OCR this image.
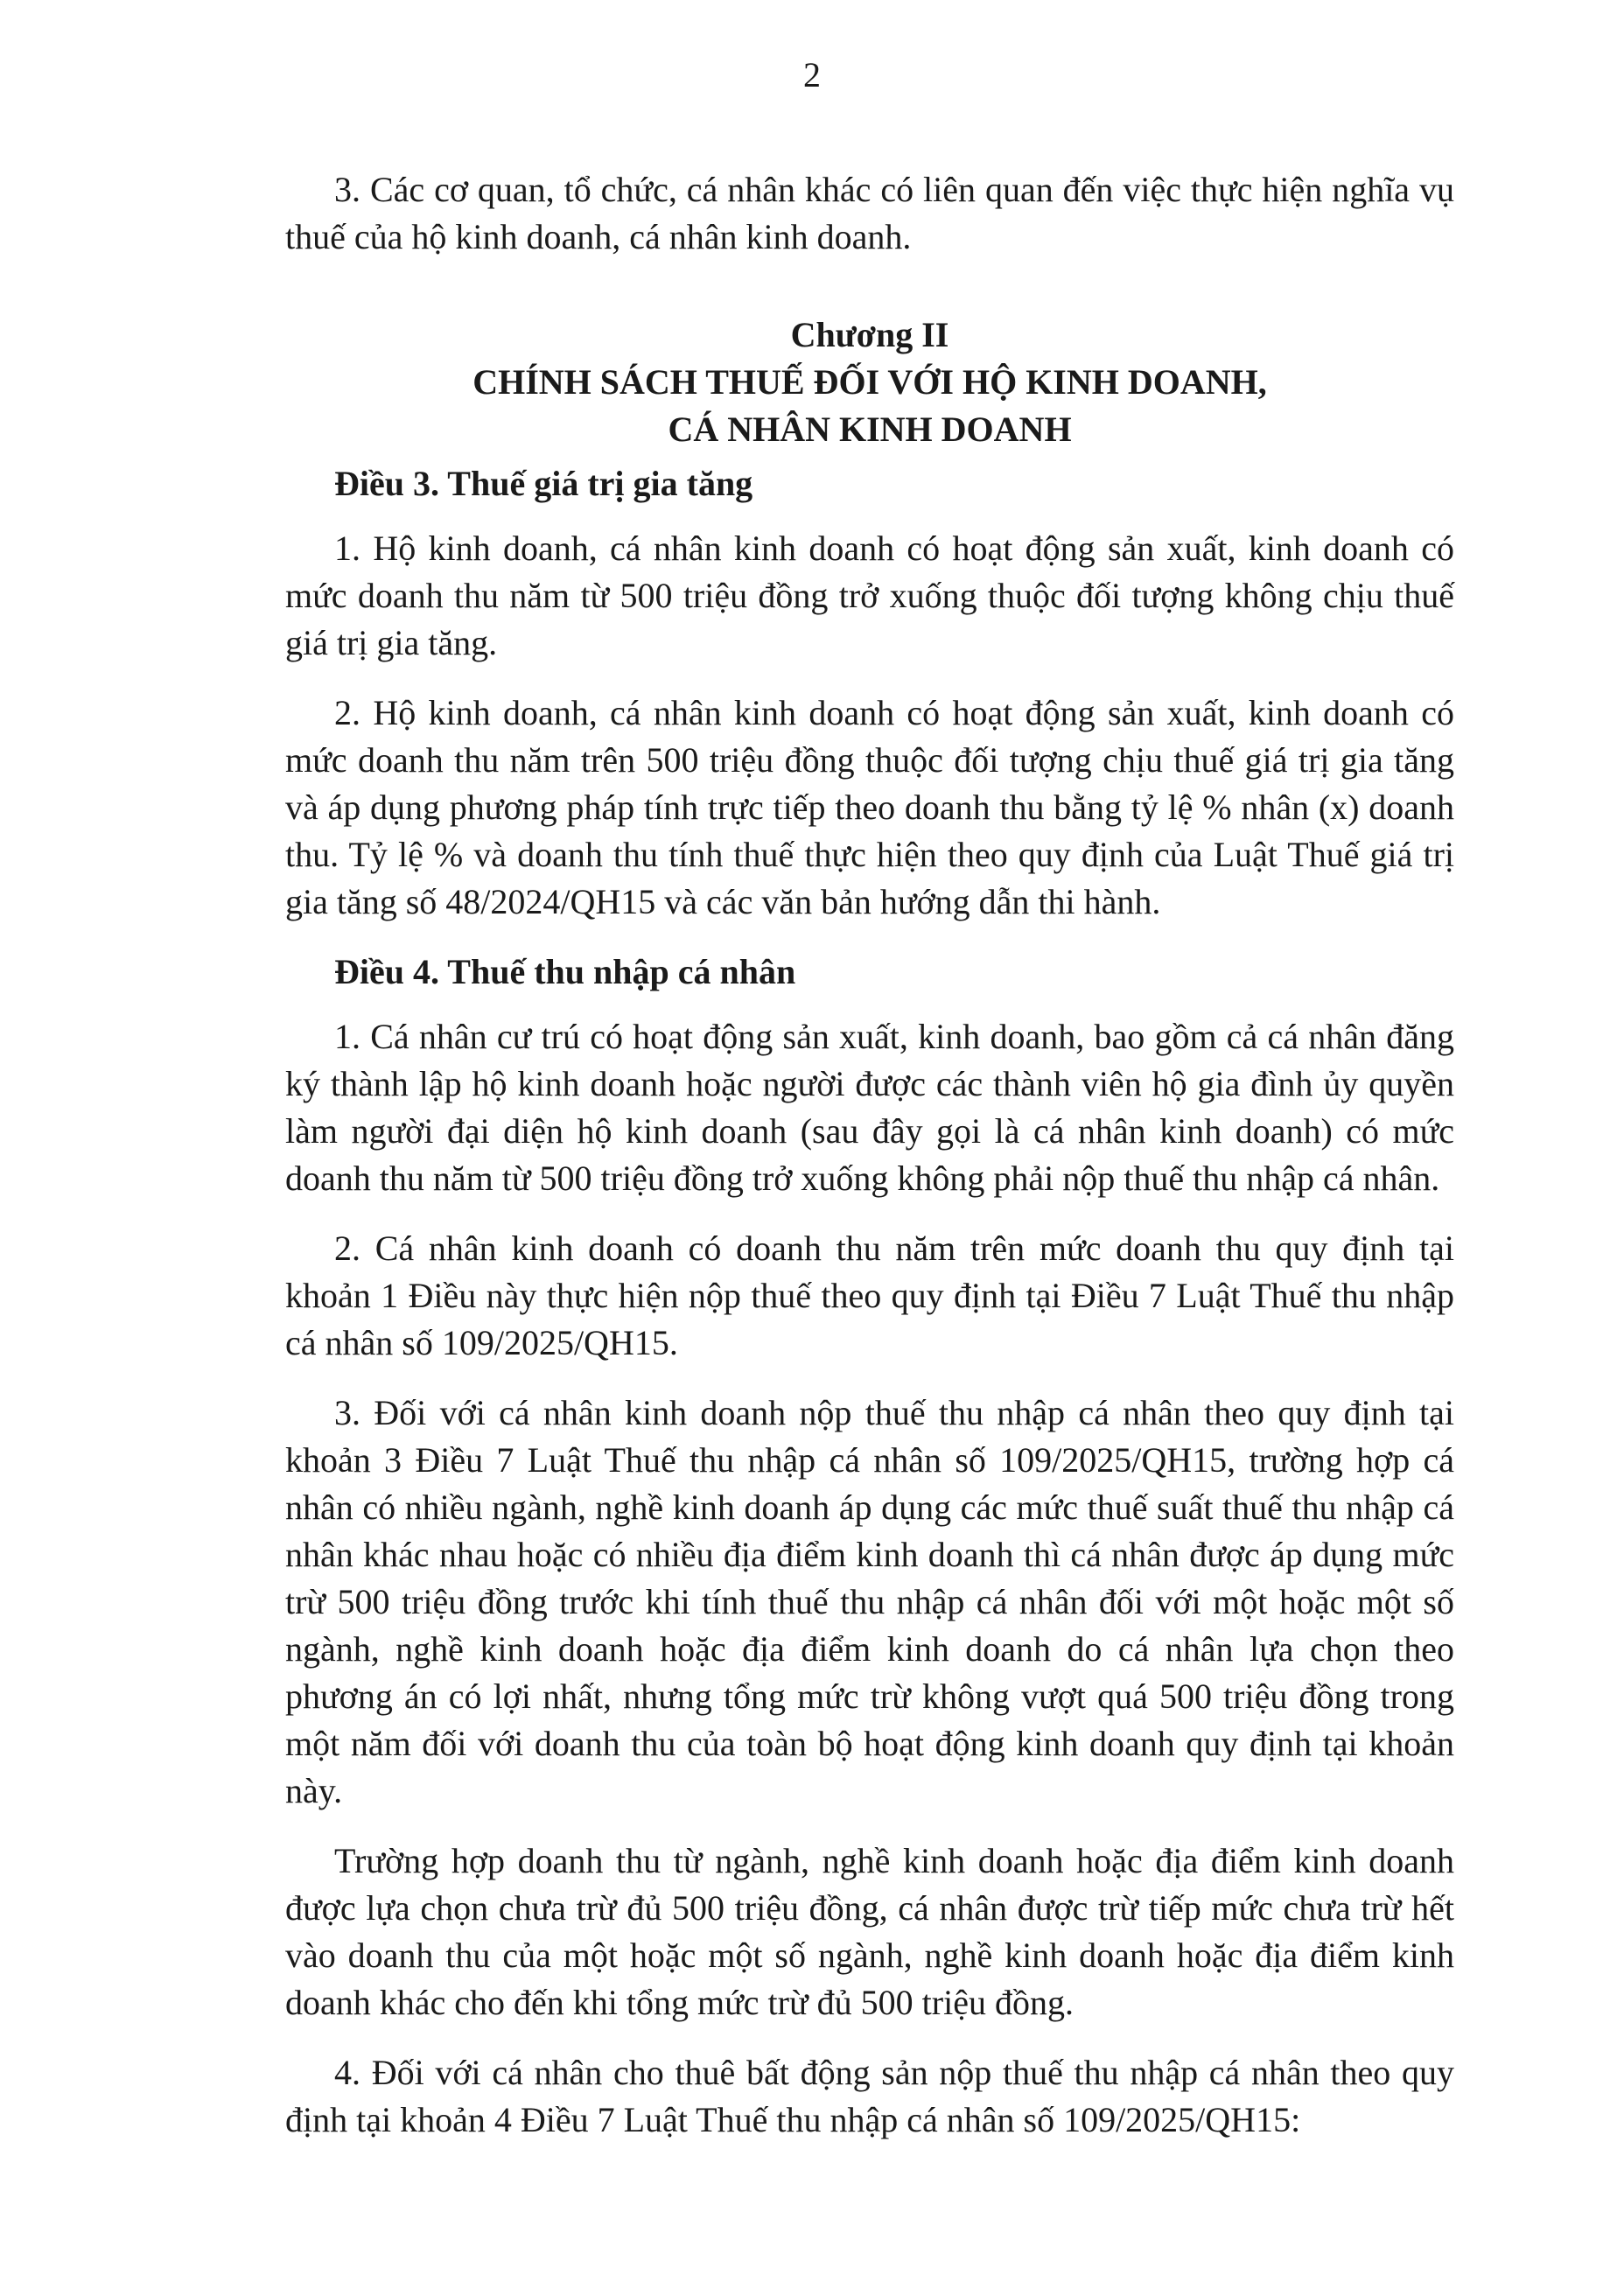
2

3. Các cơ quan, tổ chức, cá nhân khác có liên quan đến việc thực hiện nghĩa vụ thuế của hộ kinh doanh, cá nhân kinh doanh.

Chương II
CHÍNH SÁCH THUẾ ĐỐI VỚI HỘ KINH DOANH,
CÁ NHÂN KINH DOANH
Điều 3. Thuế giá trị gia tăng

1. Hộ kinh doanh, cá nhân kinh doanh có hoạt động sản xuất, kinh doanh có mức doanh thu năm từ 500 triệu đồng trở xuống thuộc đối tượng không chịu thuế giá trị gia tăng.

2. Hộ kinh doanh, cá nhân kinh doanh có hoạt động sản xuất, kinh doanh có mức doanh thu năm trên 500 triệu đồng thuộc đối tượng chịu thuế giá trị gia tăng và áp dụng phương pháp tính trực tiếp theo doanh thu bằng tỷ lệ % nhân (x) doanh thu. Tỷ lệ % và doanh thu tính thuế thực hiện theo quy định của Luật Thuế giá trị gia tăng số 48/2024/QH15 và các văn bản hướng dẫn thi hành.

Điều 4. Thuế thu nhập cá nhân

1. Cá nhân cư trú có hoạt động sản xuất, kinh doanh, bao gồm cả cá nhân đăng ký thành lập hộ kinh doanh hoặc người được các thành viên hộ gia đình ủy quyền làm người đại diện hộ kinh doanh (sau đây gọi là cá nhân kinh doanh) có mức doanh thu năm từ 500 triệu đồng trở xuống không phải nộp thuế thu nhập cá nhân.

2. Cá nhân kinh doanh có doanh thu năm trên mức doanh thu quy định tại khoản 1 Điều này thực hiện nộp thuế theo quy định tại Điều 7 Luật Thuế thu nhập cá nhân số 109/2025/QH15.

3. Đối với cá nhân kinh doanh nộp thuế thu nhập cá nhân theo quy định tại khoản 3 Điều 7 Luật Thuế thu nhập cá nhân số 109/2025/QH15, trường hợp cá nhân có nhiều ngành, nghề kinh doanh áp dụng các mức thuế suất thuế thu nhập cá nhân khác nhau hoặc có nhiều địa điểm kinh doanh thì cá nhân được áp dụng mức trừ 500 triệu đồng trước khi tính thuế thu nhập cá nhân đối với một hoặc một số ngành, nghề kinh doanh hoặc địa điểm kinh doanh do cá nhân lựa chọn theo phương án có lợi nhất, nhưng tổng mức trừ không vượt quá 500 triệu đồng trong một năm đối với doanh thu của toàn bộ hoạt động kinh doanh quy định tại khoản này.

Trường hợp doanh thu từ ngành, nghề kinh doanh hoặc địa điểm kinh doanh được lựa chọn chưa trừ đủ 500 triệu đồng, cá nhân được trừ tiếp mức chưa trừ hết vào doanh thu của một hoặc một số ngành, nghề kinh doanh hoặc địa điểm kinh doanh khác cho đến khi tổng mức trừ đủ 500 triệu đồng.

4. Đối với cá nhân cho thuê bất động sản nộp thuế thu nhập cá nhân theo quy định tại khoản 4 Điều 7 Luật Thuế thu nhập cá nhân số 109/2025/QH15:
